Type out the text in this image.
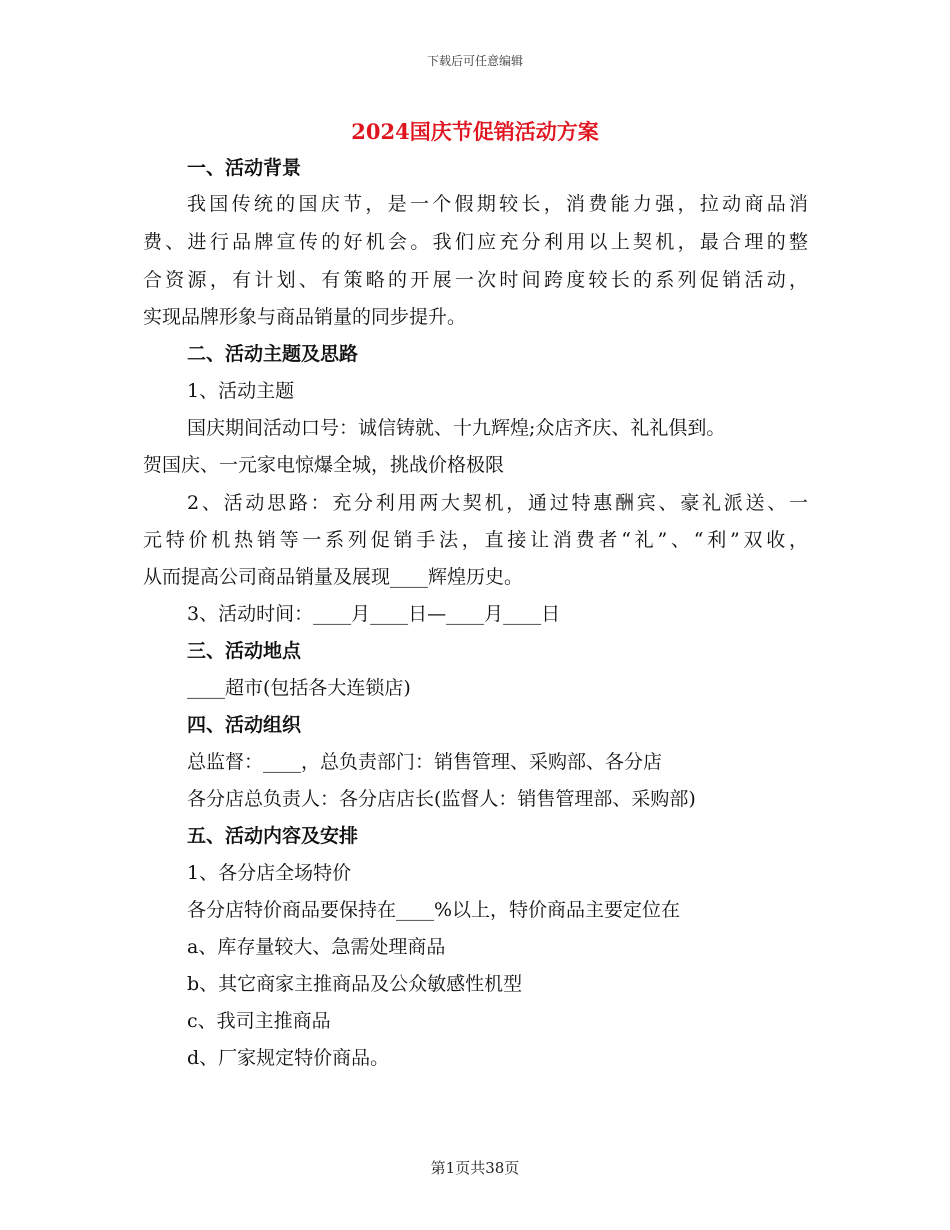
下载后可任意编辑
2024国庆节促销活动方案
一、活动背景
我国传统的国庆节，是一个假期较长，消费能力强，拉动商品消
费、进行品牌宣传的好机会。我们应充分利用以上契机，最合理的整
合资源，有计划、有策略的开展一次时间跨度较长的系列促销活动，
实现品牌形象与商品销量的同步提升。
二、活动主题及思路
1、活动主题
国庆期间活动口号：诚信铸就、十九辉煌;众店齐庆、礼礼俱到。
贺国庆、一元家电惊爆全城，挑战价格极限
2、活动思路：充分利用两大契机，通过特惠酬宾、豪礼派送、一
元特价机热销等一系列促销手法，直接让消费者“礼”、“利”双收，
从而提高公司商品销量及展现____辉煌历史。
3、活动时间：____月____日—____月____日
三、活动地点
____超市(包括各大连锁店)
四、活动组织
总监督：____，总负责部门：销售管理、采购部、各分店
各分店总负责人：各分店店长(监督人：销售管理部、采购部)
五、活动内容及安排
1、各分店全场特价
各分店特价商品要保持在____%以上，特价商品主要定位在
a、库存量较大、急需处理商品
b、其它商家主推商品及公众敏感性机型
c、我司主推商品
d、厂家规定特价商品。
第1页共38页
